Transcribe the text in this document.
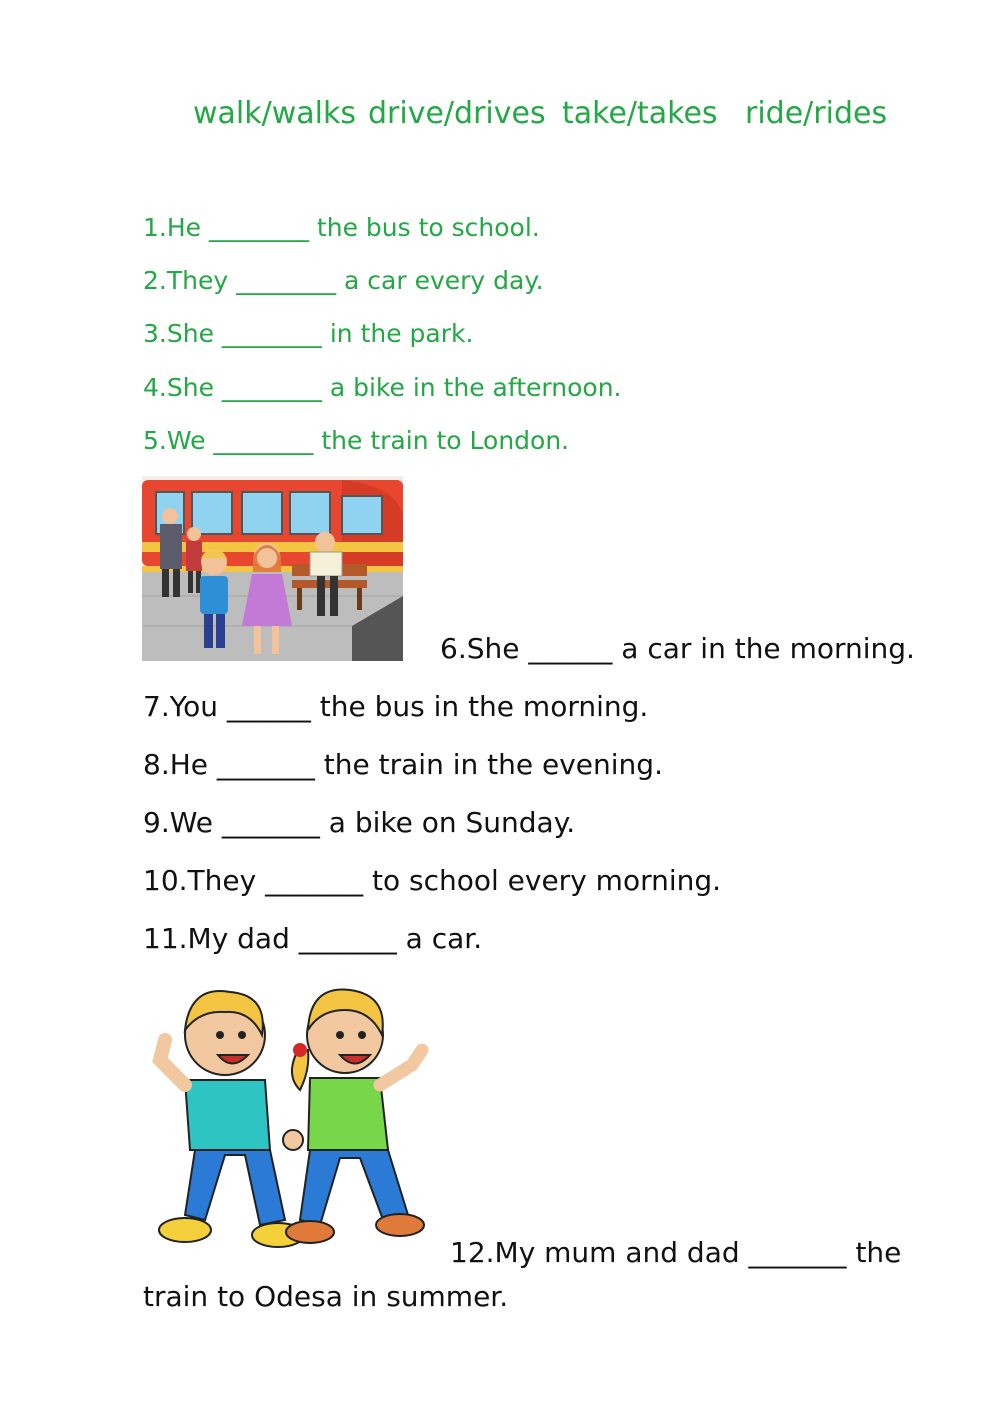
walk/walks drive/drives take/takes ride/rides
1.He ________ the bus to school.
2.They ________ a car every day.
3.She ________ in the park.
4.She ________ a bike in the afternoon.
5.We ________ the train to London.
6.She ______ a car in the morning.
7.You ______ the bus in the morning.
8.He _______ the train in the evening.
9.We _______ a bike on Sunday.
10.They _______ to school every morning.
11.My dad _______ a car.
12.My mum and dad _______ the
train to Odesa in summer.
